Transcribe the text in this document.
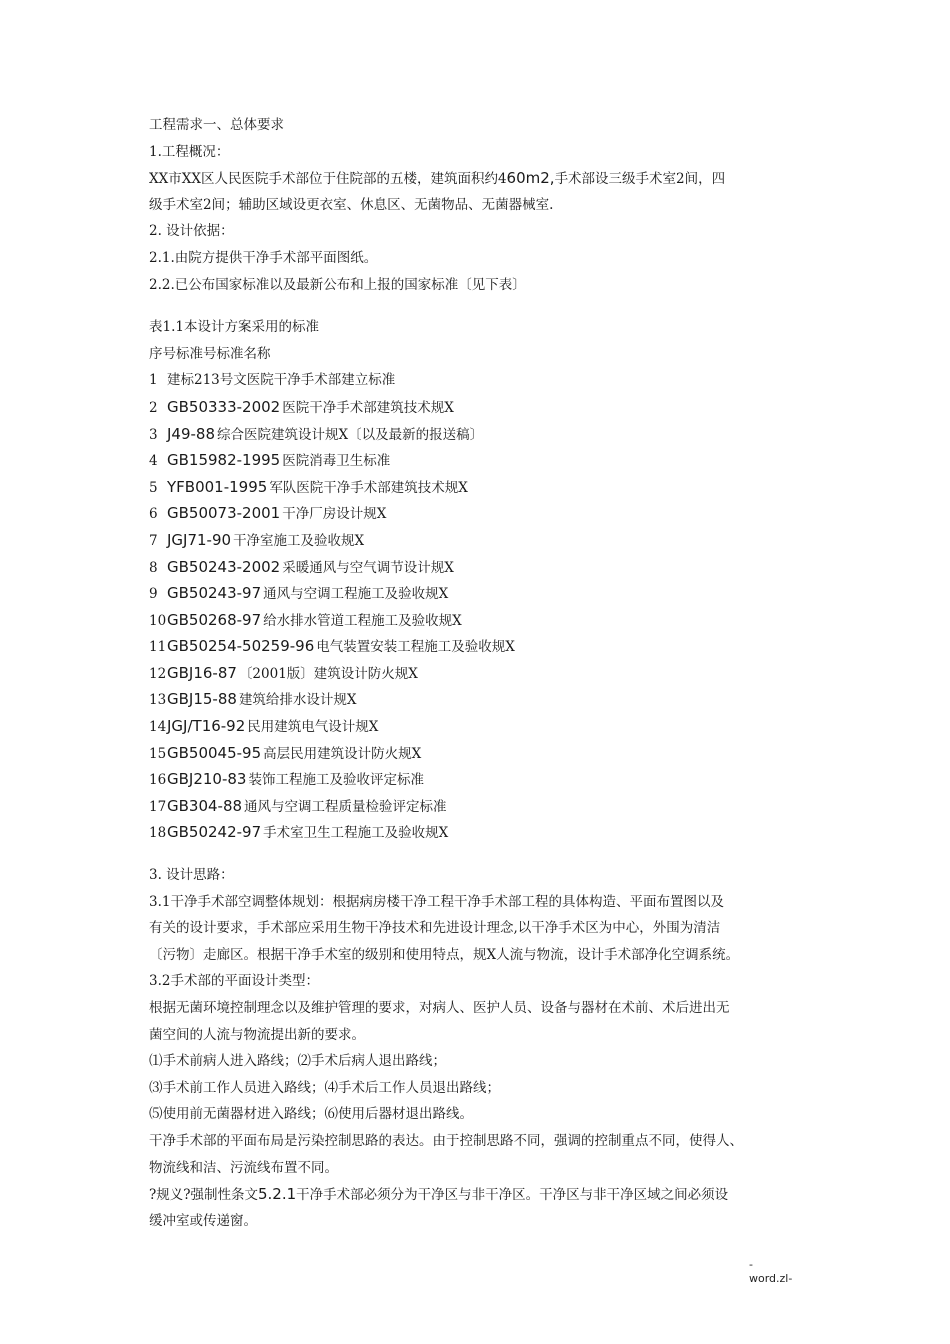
工程需求一、总体要求
1.工程概况：
XX市XX区人民医院手术部位于住院部的五楼，建筑面积约460m2,手术部设三级手术室2间，四
级手术室2间；辅助区域设更衣室、休息区、无菌物品、无菌器械室.
2. 设计依据：
2.1.由院方提供干净手术部平面图纸。
2.2.已公布国家标准以及最新公布和上报的国家标准〔见下表〕
表1.1本设计方案采用的标准
序号标准号标准名称
1 建标213号文医院干净手术部建立标准
2 GB50333-2002 医院干净手术部建筑技术规X
3 J49-88 综合医院建筑设计规X〔以及最新的报送稿〕
4 GB15982-1995 医院消毒卫生标准
5 YFB001-1995 军队医院干净手术部建筑技术规X
6 GB50073-2001 干净厂房设计规X
7 JGJ71-90 干净室施工及验收规X
8 GB50243-2002 采暖通风与空气调节设计规X
9 GB50243-97 通风与空调工程施工及验收规X
10GB50268-97 给水排水管道工程施工及验收规X
11GB50254-50259-96 电气装置安装工程施工及验收规X
12GBJ16-87 〔2001版〕建筑设计防火规X
13GBJ15-88 建筑给排水设计规X
14JGJ/T16-92 民用建筑电气设计规X
15GB50045-95 高层民用建筑设计防火规X
16GBJ210-83 装饰工程施工及验收评定标准
17GB304-88 通风与空调工程质量检验评定标准
18GB50242-97 手术室卫生工程施工及验收规X
3. 设计思路：
3.1干净手术部空调整体规划：根据病房楼干净工程干净手术部工程的具体构造、平面布置图以及
有关的设计要求，手术部应采用生物干净技术和先进设计理念,以干净手术区为中心，外围为清洁
〔污物〕走廊区。根据干净手术室的级别和使用特点，规X人流与物流，设计手术部净化空调系统。
3.2手术部的平面设计类型：
根据无菌环境控制理念以及维护管理的要求，对病人、医护人员、设备与器材在术前、术后进出无
菌空间的人流与物流提出新的要求。
⑴手术前病人进入路线；⑵手术后病人退出路线；
⑶手术前工作人员进入路线；⑷手术后工作人员退出路线；
⑸使用前无菌器材进入路线；⑹使用后器材退出路线。
干净手术部的平面布局是污染控制思路的表达。由于控制思路不同，强调的控制重点不同，使得人、
物流线和洁、污流线布置不同。
?规义?强制性条文5.2.1干净手术部必须分为干净区与非干净区。干净区与非干净区域之间必须设
缓冲室或传递窗。
-
word.zl-
